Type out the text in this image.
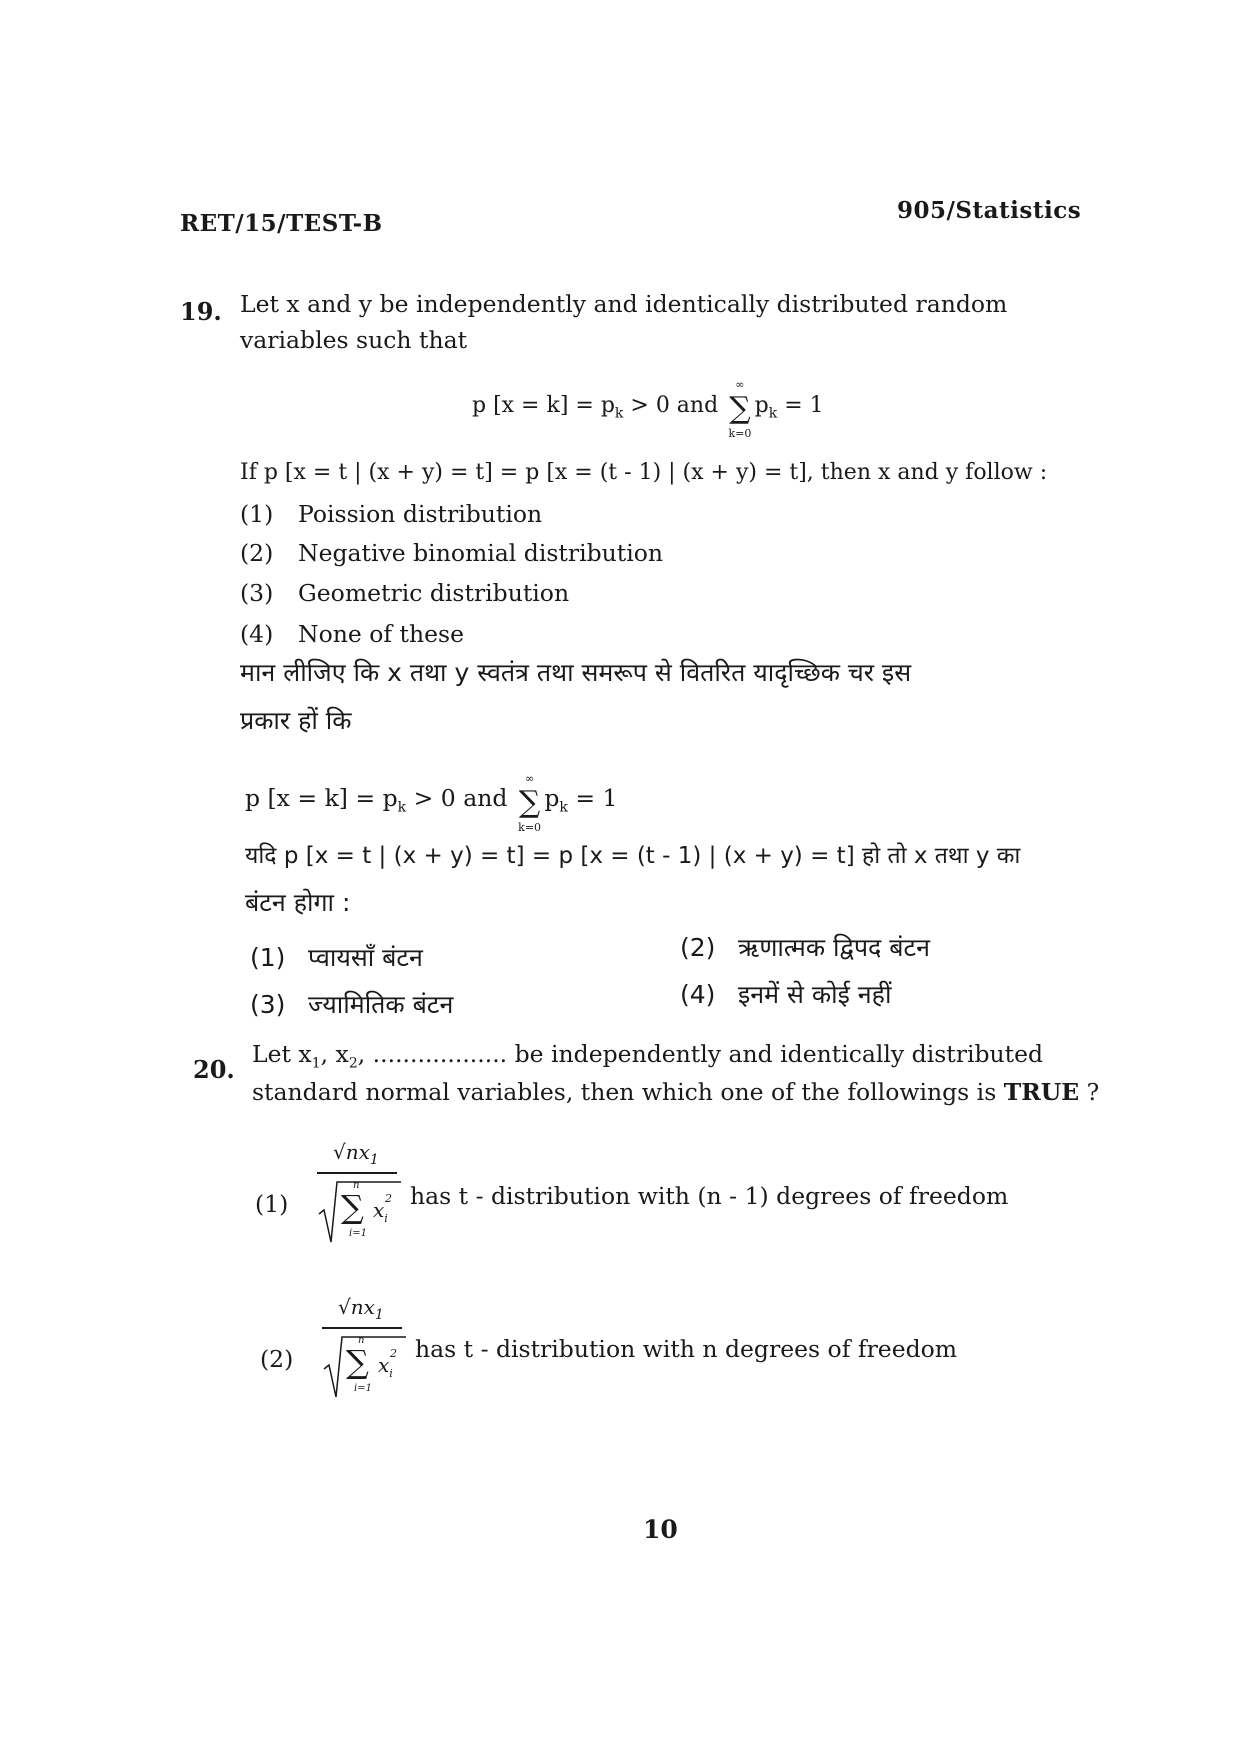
RET/15/TEST-B	905/Statistics
19. Let x and y be independently and identically distributed random
variables such that
p $[x = k] = p_k > 0$ and ∑
∞
k=0
$p_k = 1$
If p [x = t | (x + y) = t] = p [x = (t - 1) | (x + y) = t], then x and y follow :
(1) Poission distribution
(2) Negative binomial distribution
(3) Geometric distribution
(4) None of these
मान लीजिए कि x तथा y स्वतंत्र तथा समरूप से वितरित यादृच्छिक चर इस
प्रकार हों कि
p $[x = k] = p_k > 0$ and ∑
∞
k=0
$p_k = 1$
यदि p [x = t | (x + y) = t] = p [x = (t - 1) | (x + y) = t] हो तो x तथा y का
बंटन होगा :
(1) प्वायसाँ बंटन	(2) ऋणात्मक द्विपद बंटन
(3) ज्यामितिक बंटन	(4) इनमें से कोई नहीं
20.
Let $x_1$, $x_2$, .................. be independently and identically distributed
standard normal variables, then which one of the followings is TRUE ?
(1)
$√nx_1$
n
∑
i=1
$x_i$
2 has t - distribution with (n - 1) degrees of freedom
(2)
$√nx_1$
n
∑
i=1
$x_i$
2 has t - distribution with n degrees of freedom
10
